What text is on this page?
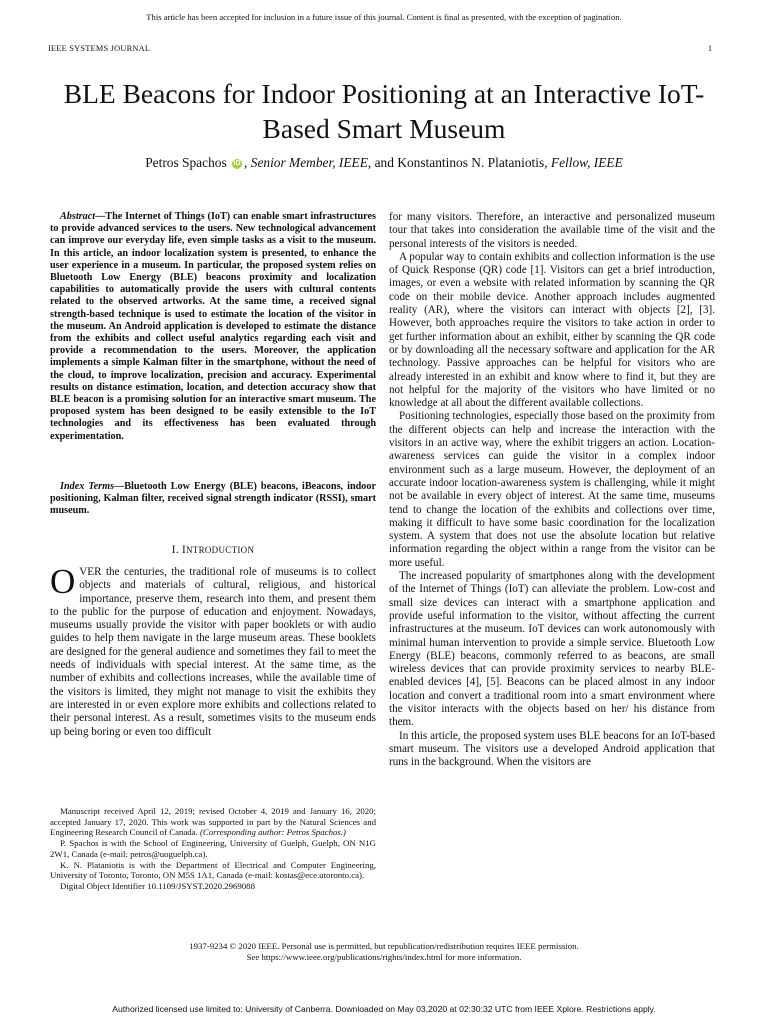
This article has been accepted for inclusion in a future issue of this journal. Content is final as presented, with the exception of pagination.
IEEE SYSTEMS JOURNAL	1
BLE Beacons for Indoor Positioning at an Interactive IoT-Based Smart Museum
Petros Spachos iD , Senior Member, IEEE, and Konstantinos N. Plataniotis, Fellow, IEEE

Abstract—The Internet of Things (IoT) can enable smart infrastructures to provide advanced services to the users. New technological advancement can improve our everyday life, even simple tasks as a visit to the museum. In this article, an indoor localization system is presented, to enhance the user experience in a museum. In particular, the proposed system relies on Bluetooth Low Energy (BLE) beacons proximity and localization capabilities to automatically provide the users with cultural contents related to the observed artworks. At the same time, a received signal strength-based technique is used to estimate the location of the visitor in the museum. An Android application is developed to estimate the distance from the exhibits and collect useful analytics regarding each visit and provide a recommendation to the users. Moreover, the application implements a simple Kalman filter in the smartphone, without the need of the cloud, to improve localization, precision and accuracy. Experimental results on distance estimation, location, and detection accuracy show that BLE beacon is a promising solution for an interactive smart museum. The proposed system has been designed to be easily extensible to the IoT technologies and its effectiveness has been evaluated through experimentation.

Index Terms—Bluetooth Low Energy (BLE) beacons, iBeacons, indoor positioning, Kalman filter, received signal strength indicator (RSSI), smart museum.

I. INTRODUCTION
O VER the centuries, the traditional role of museums is to collect objects and materials of cultural, religious, and historical importance, preserve them, research into them, and present them to the public for the purpose of education and enjoyment. Nowadays, museums usually provide the visitor with paper booklets or with audio guides to help them navigate in the large museum areas. These booklets are designed for the general audience and sometimes they fail to meet the needs of individuals with special interest. At the same time, as the number of exhibits and collections increases, while the available time of the visitors is limited, they might not manage to visit the exhibits they are interested in or even explore more exhibits and collections related to their personal interest. As a result, sometimes visits to the museum ends up being boring or even too difficult

Manuscript received April 12, 2019; revised October 4, 2019 and January 16, 2020; accepted January 17, 2020. This work was supported in part by the Natural Sciences and Engineering Research Council of Canada. (Corresponding author: Petros Spachos.)
P. Spachos is with the School of Engineering, University of Guelph, Guelph, ON N1G 2W1, Canada (e-mail: petros@uoguelph.ca).
K. N. Plataniotis is with the Department of Electrical and Computer Engineering, University of Toronto, Toronto, ON M5S 1A1, Canada (e-mail: kostas@ece.utoronto.ca).
Digital Object Identifier 10.1109/JSYST.2020.2969088

for many visitors. Therefore, an interactive and personalized museum tour that takes into consideration the available time of the visit and the personal interests of the visitors is needed.

A popular way to contain exhibits and collection information is the use of Quick Response (QR) code [1]. Visitors can get a brief introduction, images, or even a website with related information by scanning the QR code on their mobile device. Another approach includes augmented reality (AR), where the visitors can interact with objects [2], [3]. However, both approaches require the visitors to take action in order to get further information about an exhibit, either by scanning the QR code or by downloading all the necessary software and application for the AR technology. Passive approaches can be helpful for visitors who are already interested in an exhibit and know where to find it, but they are not helpful for the majority of the visitors who have limited or no knowledge at all about the different available collections.

Positioning technologies, especially those based on the proximity from the different objects can help and increase the interaction with the visitors in an active way, where the exhibit triggers an action. Location-awareness services can guide the visitor in a complex indoor environment such as a large museum. However, the deployment of an accurate indoor location-awareness system is challenging, while it might not be available in every object of interest. At the same time, museums tend to change the location of the exhibits and collections over time, making it difficult to have some basic coordination for the localization system. A system that does not use the absolute location but relative information regarding the object within a range from the visitor can be more useful.

The increased popularity of smartphones along with the development of the Internet of Things (IoT) can alleviate the problem. Low-cost and small size devices can interact with a smartphone application and provide useful information to the visitor, without affecting the current infrastructures at the museum. IoT devices can work autonomously with minimal human intervention to provide a simple service. Bluetooth Low Energy (BLE) beacons, commonly referred to as beacons, are small wireless devices that can provide proximity services to nearby BLE-enabled devices [4], [5]. Beacons can be placed almost in any indoor location and convert a traditional room into a smart environment where the visitor interacts with the objects based on her/ his distance from them.

In this article, the proposed system uses BLE beacons for an IoT-based smart museum. The visitors use a developed Android application that runs in the background. When the visitors are

1937-9234 © 2020 IEEE. Personal use is permitted, but republication/redistribution requires IEEE permission.
See https://www.ieee.org/publications/rights/index.html for more information.
Authorized licensed use limited to: University of Canberra. Downloaded on May 03,2020 at 02:30:32 UTC from IEEE Xplore. Restrictions apply.
